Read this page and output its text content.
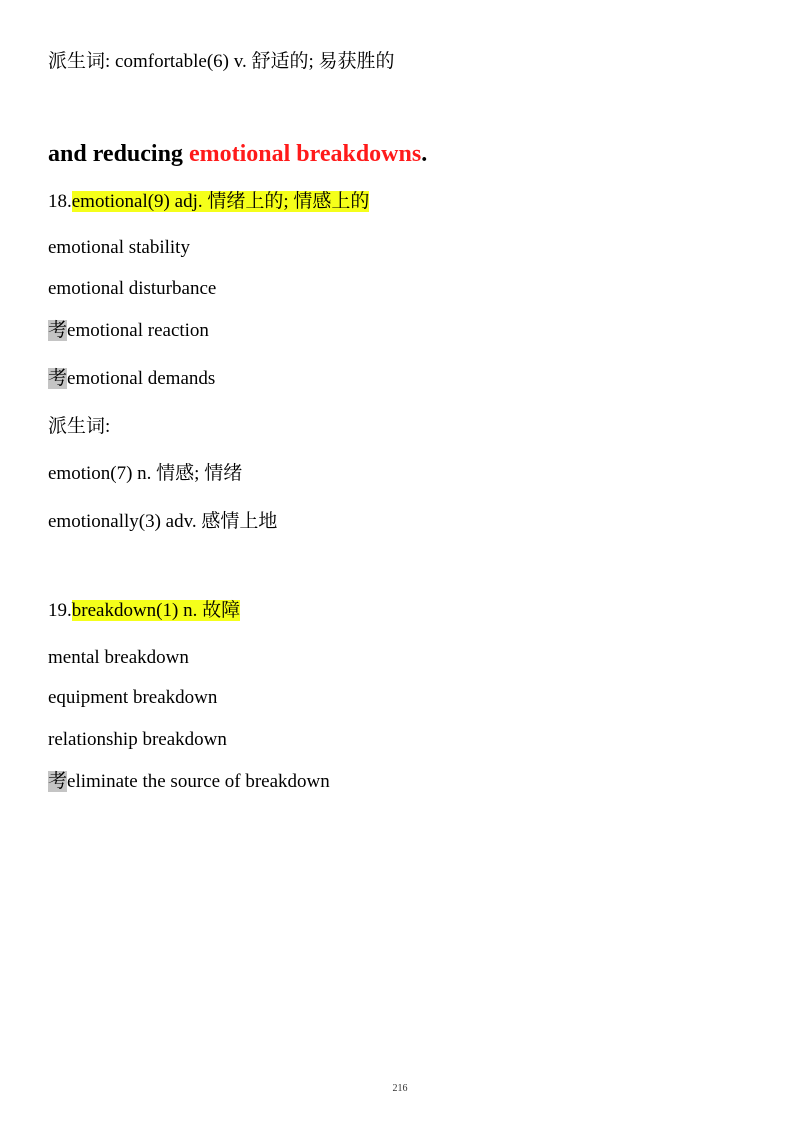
派生词: comfortable(6) v. 舒适的; 易获胜的
and reducing emotional breakdowns.
18.emotional(9) adj. 情绪上的; 情感上的
emotional stability
emotional disturbance
考emotional reaction
考emotional demands
派生词:
emotion(7) n. 情感; 情绪
emotionally(3) adv. 感情上地
19.breakdown(1) n. 故障
mental breakdown
equipment breakdown
relationship breakdown
考eliminate the source of breakdown
216
